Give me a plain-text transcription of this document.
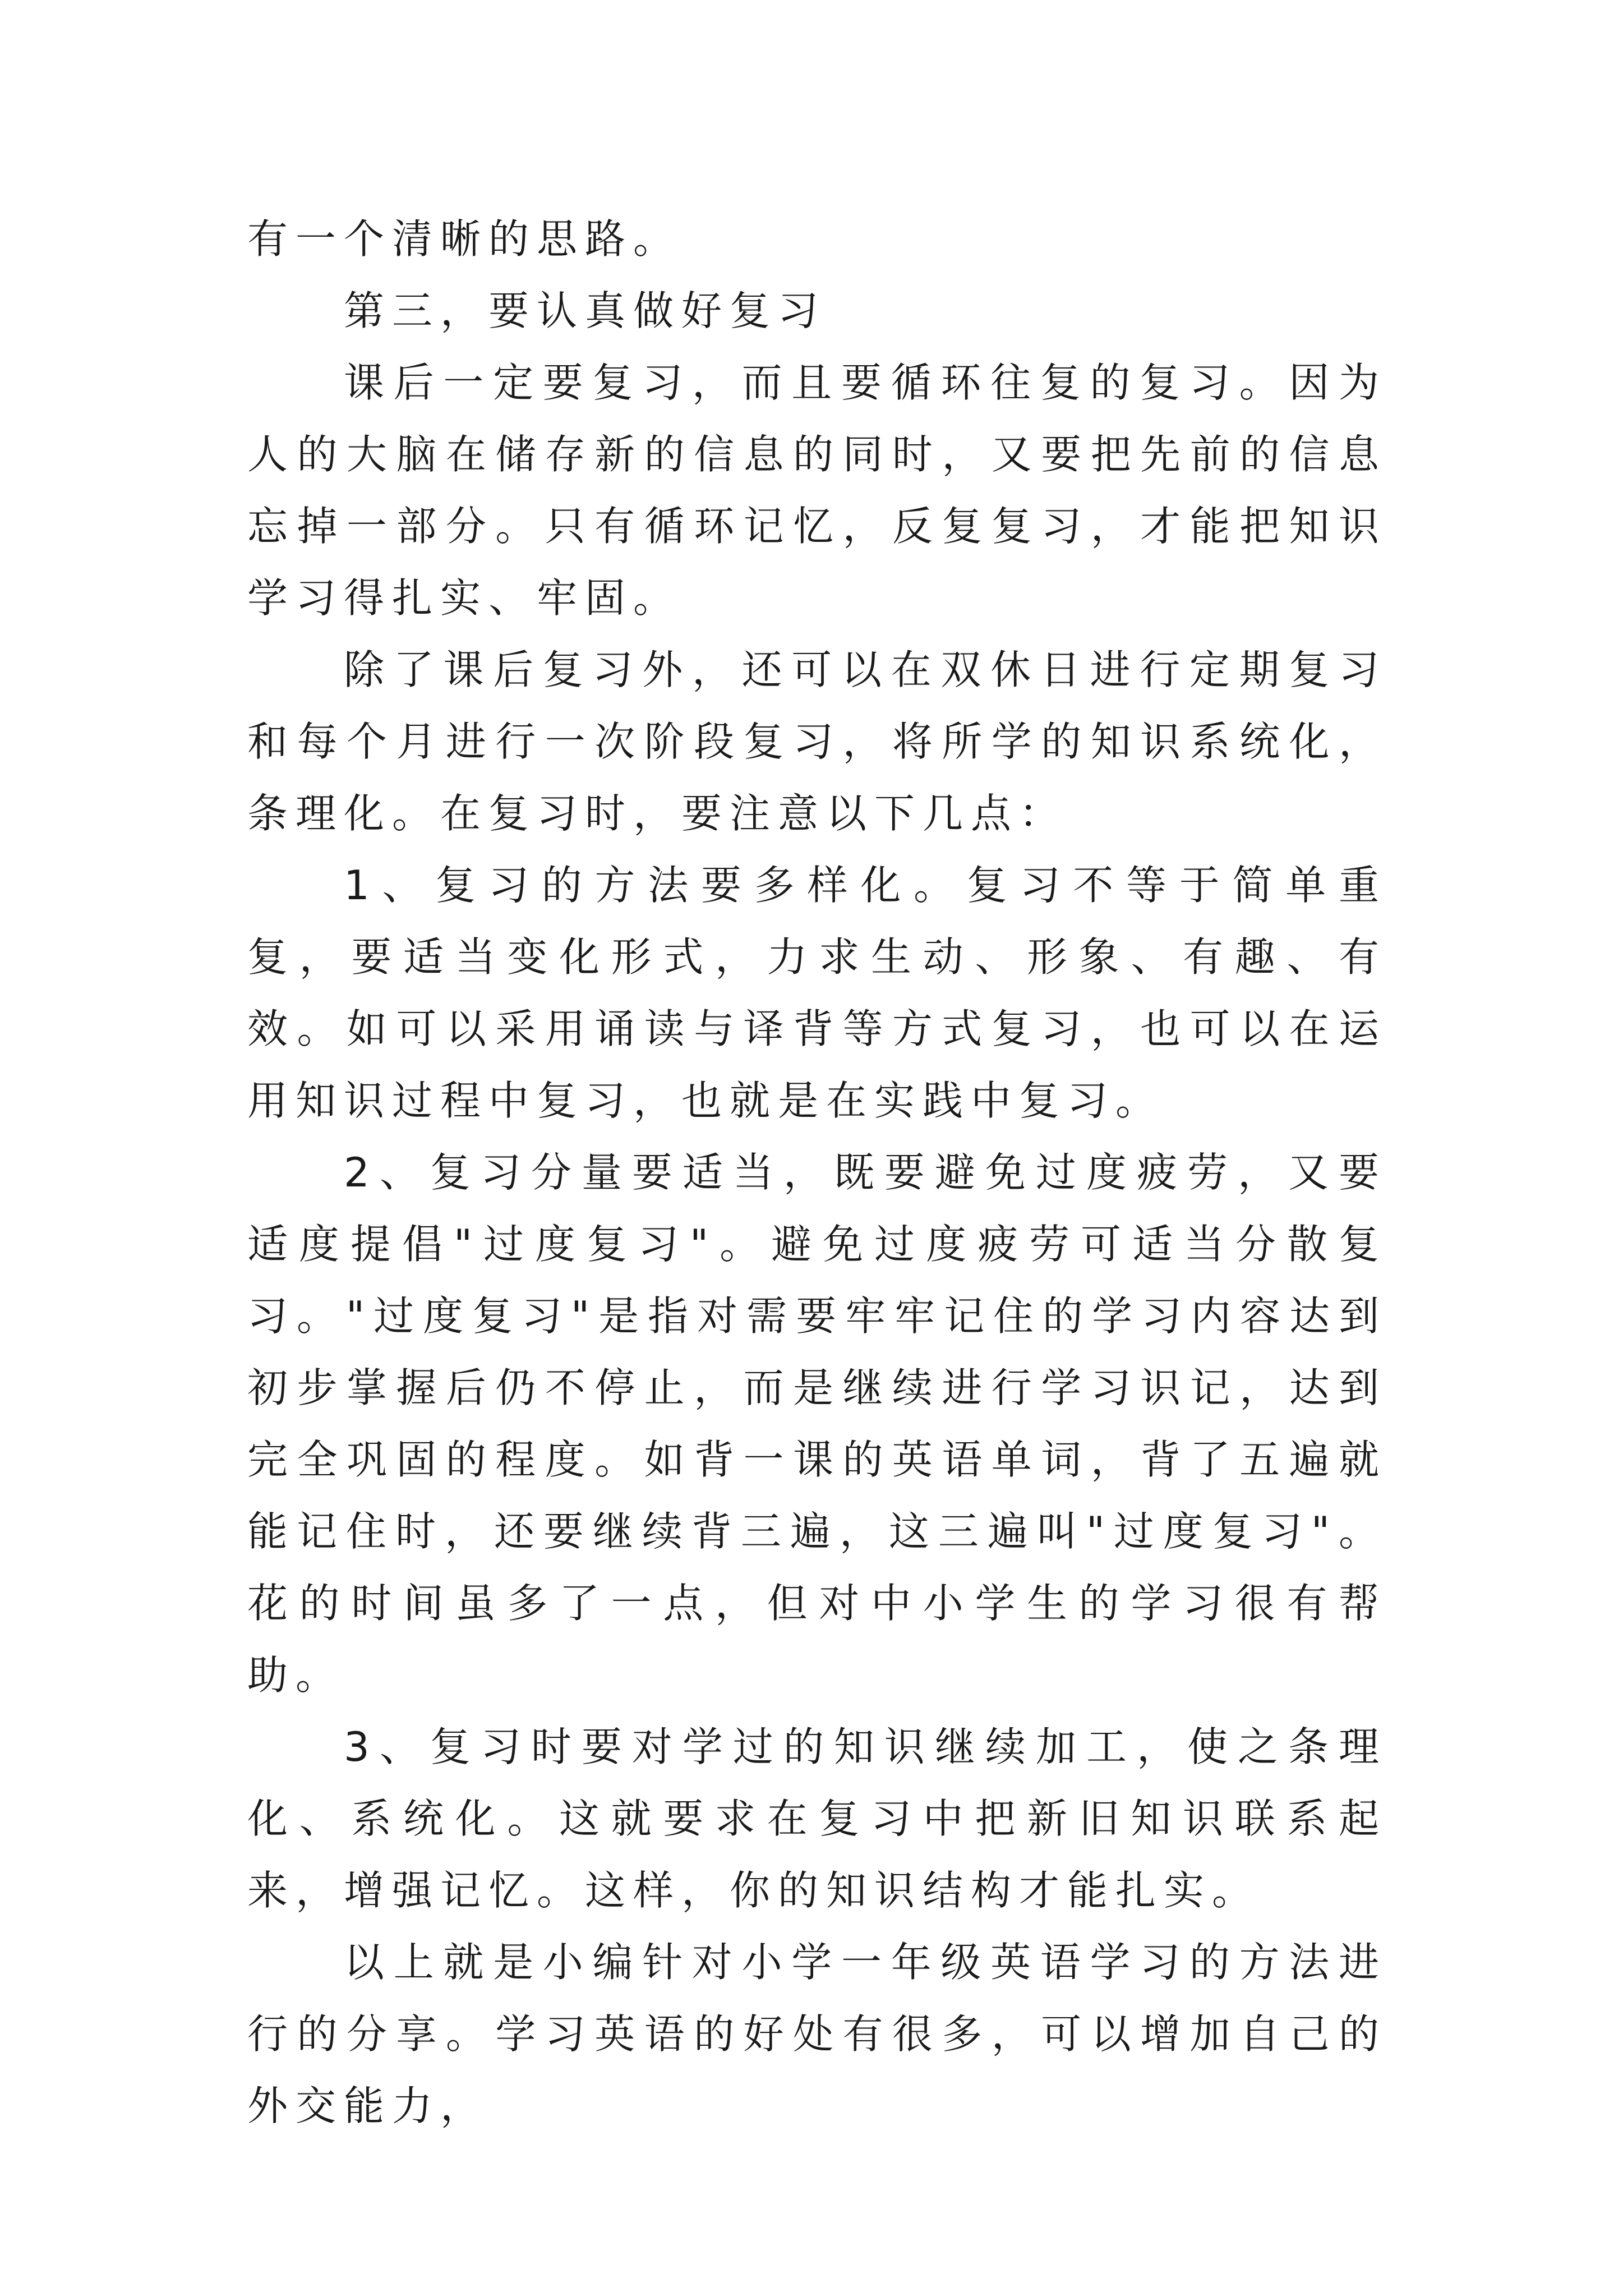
有一个清晰的思路。

第三，要认真做好复习

课后一定要复习，而且要循环往复的复习。因为人的大脑在储存新的信息的同时，又要把先前的信息忘掉一部分。只有循环记忆，反复复习，才能把知识学习得扎实、牢固。

除了课后复习外，还可以在双休日进行定期复习和每个月进行一次阶段复习，将所学的知识系统化，条理化。在复习时，要注意以下几点：

1、复习的方法要多样化。复习不等于简单重复，要适当变化形式，力求生动、形象、有趣、有效。如可以采用诵读与译背等方式复习，也可以在运用知识过程中复习，也就是在实践中复习。

2、复习分量要适当，既要避免过度疲劳，又要适度提倡"过度复习"。避免过度疲劳可适当分散复习。"过度复习"是指对需要牢牢记住的学习内容达到初步掌握后仍不停止，而是继续进行学习识记，达到完全巩固的程度。如背一课的英语单词，背了五遍就能记住时，还要继续背三遍，这三遍叫"过度复习"。花的时间虽多了一点，但对中小学生的学习很有帮助。

3、复习时要对学过的知识继续加工，使之条理化、系统化。这就要求在复习中把新旧知识联系起来，增强记忆。这样，你的知识结构才能扎实。

以上就是小编针对小学一年级英语学习的方法进行的分享。学习英语的好处有很多，可以增加自己的外交能力，
